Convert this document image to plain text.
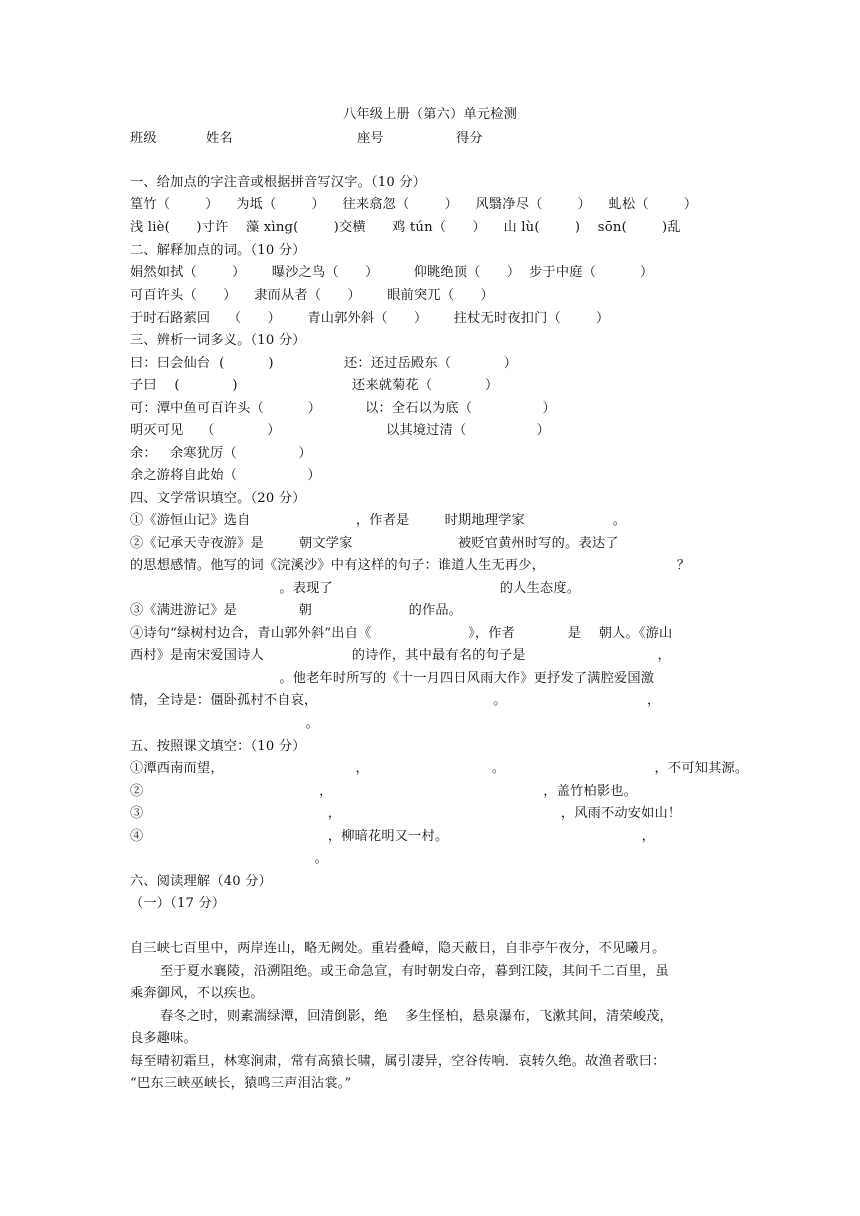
八年级上册（第六）单元检测
班级	姓名	座号	得分
一、给加点的字注音或根据拼音写汉字。（10 分）
篁竹（        ）    为坻（        ）    往来翕忽（        ）    风翳净尽（        ）    虬松（        ）
浅 liè(      )寸许    藻 xìng(        )交横      鸡 tún（      ）    山 lù(        )    sōn(        )乱
二、解释加点的词。（10 分）
娟然如拭（        ）      曝沙之鸟（      ）        仰眺绝顶（      ）  步于中庭（          ）
可百许头（      ）    隶而从者（      ）      眼前突兀（      ）
于时石路萦回    （      ）      青山郭外斜（      ）      拄杖无时夜扣门（        ）
三、辨析一词多义。（10 分）
曰：曰会仙台  (          )                还：还过岳殿东（            ）
子曰    (            )                          还来就菊花（            ）
可：潭中鱼可百许头（          ）          以：全石以为底（                ）
明灭可见    （            ）                        以其境过清（                ）
余：   余寒犹厉（              ）
余之游将自此始（                ）
四、文学常识填空。（20 分）
①《游恒山记》选自                        ，作者是        时期地理学家                    。
②《记承天寺夜游》是        朝文学家                        被贬官黄州时写的。表达了
的思想感情。他写的词《浣溪沙》中有这样的句子：谁道人生无再少，                              ？
。表现了                                      的人生态度。
③《满进游记》是              朝                      的作品。
④诗句“绿树村边合，青山郭外斜”出自《                      》，作者            是    朝人。《游山
西村》是南宋爱国诗人                    的诗作，其中最有名的句子是                              ，
。他老年时所写的《十一月四日风雨大作》更抒发了满腔爱国激
情，全诗是：僵卧孤村不自哀，                                        。                                ，
。
五、按照课文填空：（10 分）
①潭西南而望，                              ，                            。                                  ，不可知其源。
②                                        ，                                                ，盖竹柏影也。
③                                          ，                                                  ，风雨不动安如山！
④                                          ，柳暗花明又一村。                                            ，
。
六、阅读理解（40 分）
（一）（17 分）
自三峡七百里中，两岸连山，略无阙处。重岩叠嶂，隐天蔽日，自非亭午夜分，不见曦月。
至于夏水襄陵，沿溯阻绝。或王命急宣，有时朝发白帝，暮到江陵，其间千二百里，虽
乘奔御风，不以疾也。
春冬之时，则素湍绿潭，回清倒影，绝    多生怪柏，悬泉瀑布，飞漱其间，清荣峻茂，
良多趣味。
每至晴初霜旦，林寒涧肃，常有高猿长啸，属引凄异，空谷传响．哀转久绝。故渔者歌曰：
“巴东三峡巫峡长，猿鸣三声泪沾裳。”
